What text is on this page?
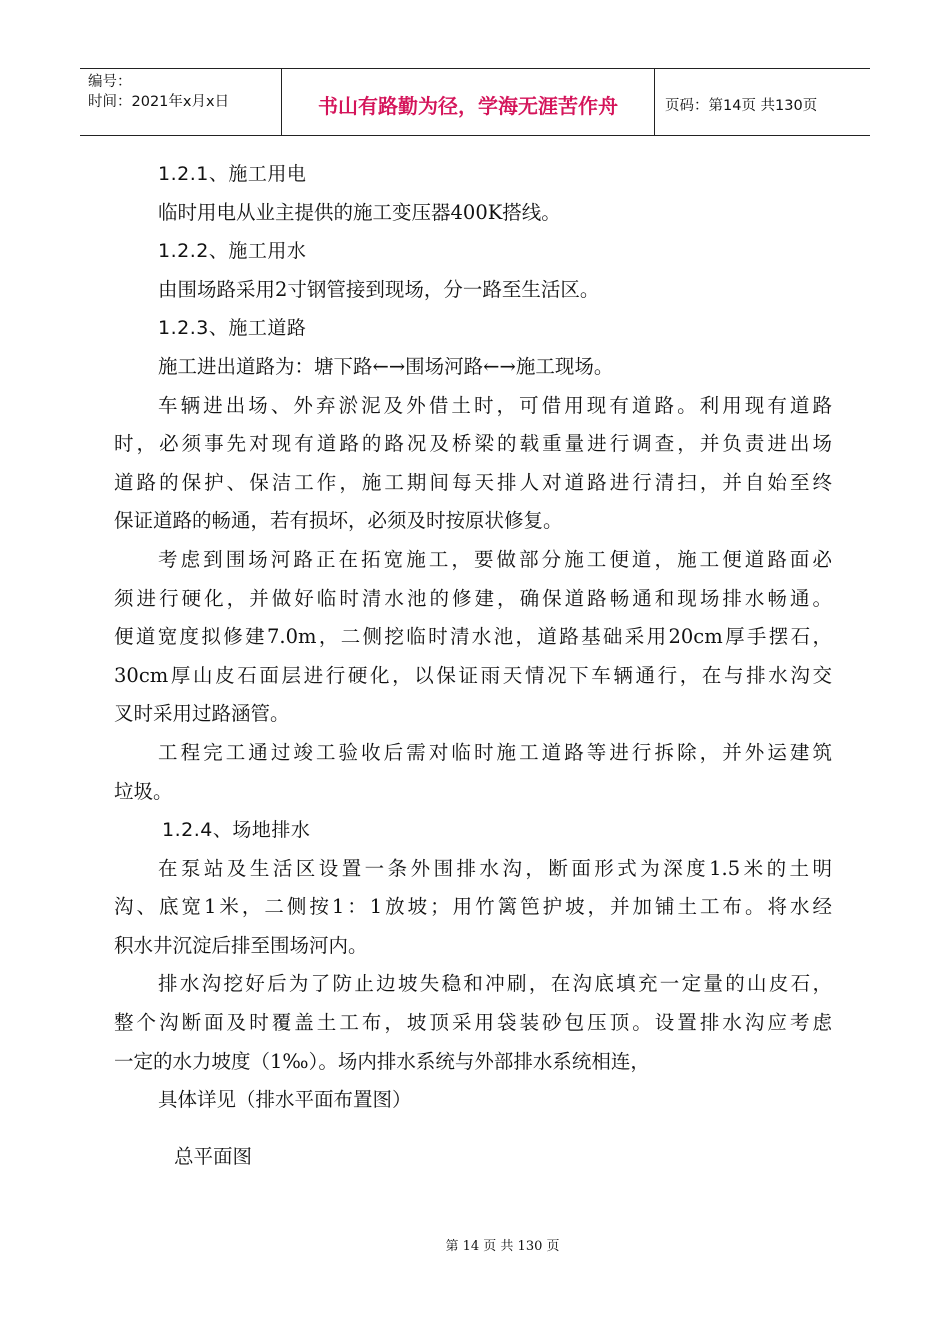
编号：
时间：2021年x月x日	书山有路勤为径，学海无涯苦作舟	页码：第14页 共130页
1.2.1、施工用电
临时用电从业主提供的施工变压器400K搭线。
1.2.2、施工用水
由围场路采用2寸钢管接到现场，分一路至生活区。
1.2.3、施工道路
施工进出道路为：塘下路←→围场河路←→施工现场。
车辆进出场、外弃淤泥及外借土时，可借用现有道路。利用现有道路
时，必须事先对现有道路的路况及桥梁的载重量进行调查，并负责进出场
道路的保护、保洁工作，施工期间每天排人对道路进行清扫，并自始至终
保证道路的畅通，若有损坏，必须及时按原状修复。
考虑到围场河路正在拓宽施工，要做部分施工便道，施工便道路面必
须进行硬化，并做好临时清水池的修建，确保道路畅通和现场排水畅通。
便道宽度拟修建7.0m，二侧挖临时清水池，道路基础采用20cm厚手摆石，
30cm厚山皮石面层进行硬化，以保证雨天情况下车辆通行，在与排水沟交
叉时采用过路涵管。
工程完工通过竣工验收后需对临时施工道路等进行拆除，并外运建筑
垃圾。
1.2.4、场地排水
在泵站及生活区设置一条外围排水沟，断面形式为深度1.5米的土明
沟、底宽1米，二侧按1：1放坡；用竹篱笆护坡，并加铺土工布。将水经
积水井沉淀后排至围场河内。
排水沟挖好后为了防止边坡失稳和冲刷，在沟底填充一定量的山皮石，
整个沟断面及时覆盖土工布，坡顶采用袋装砂包压顶。设置排水沟应考虑
一定的水力坡度（1‰）。场内排水系统与外部排水系统相连，
具体详见（排水平面布置图）
总平面图
第 14 页 共 130 页
